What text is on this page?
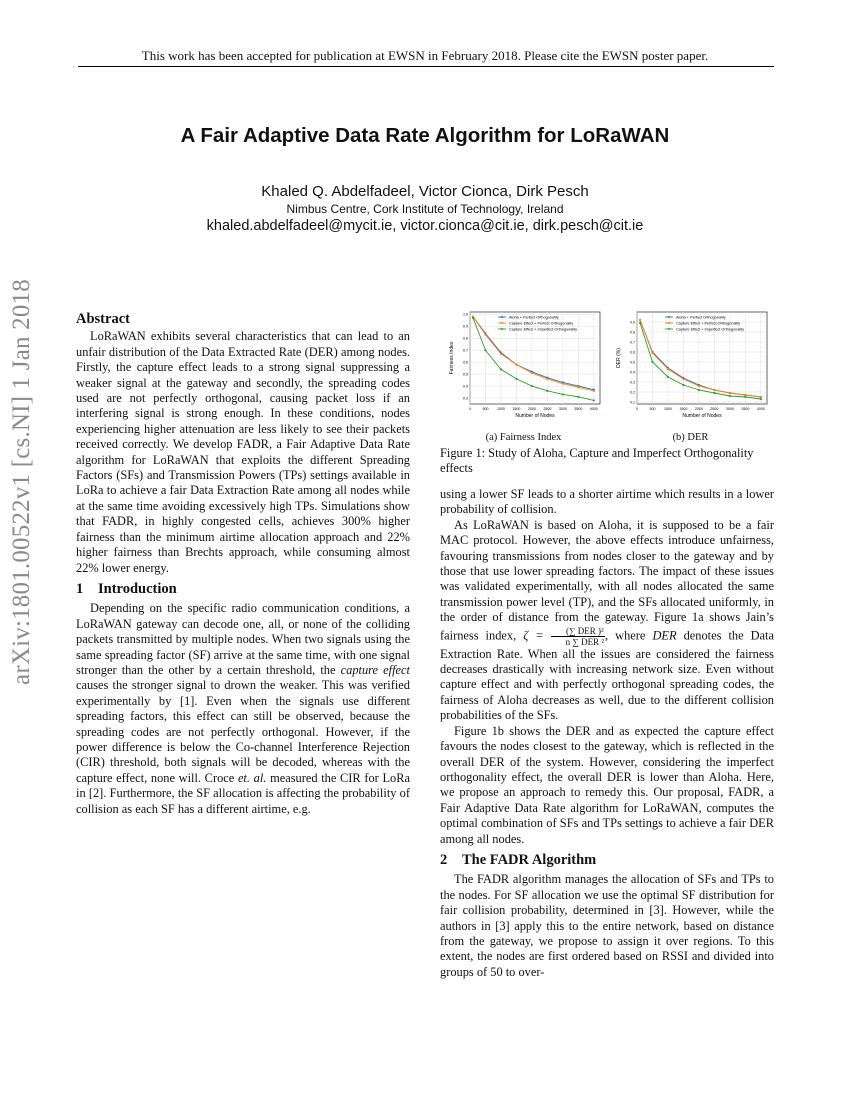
This work has been accepted for publication at EWSN in February 2018. Please cite the EWSN poster paper.
A Fair Adaptive Data Rate Algorithm for LoRaWAN
Khaled Q. Abdelfadeel, Victor Cionca, Dirk Pesch
Nimbus Centre, Cork Institute of Technology, Ireland
khaled.abdelfadeel@mycit.ie, victor.cionca@cit.ie, dirk.pesch@cit.ie
arXiv:1801.00522v1 [cs.NI] 1 Jan 2018	Abstract

LoRaWAN exhibits several characteristics that can lead to an unfair distribution of the Data Extracted Rate (DER) among nodes. Firstly, the capture effect leads to a strong signal suppressing a weaker signal at the gateway and secondly, the spreading codes used are not perfectly orthogonal, causing packet loss if an interfering signal is strong enough. In these conditions, nodes experiencing higher attenuation are less likely to see their packets received correctly. We develop FADR, a Fair Adaptive Data Rate algorithm for LoRaWAN that exploits the different Spreading Factors (SFs) and Transmission Powers (TPs) settings available in LoRa to achieve a fair Data Extraction Rate among all nodes while at the same time avoiding excessively high TPs. Simulations show that FADR, in highly congested cells, achieves 300% higher fairness than the minimum airtime allocation approach and 22% higher fairness than Brechts approach, while consuming almost 22% lower energy.

1 Introduction

Depending on the specific radio communication conditions, a LoRaWAN gateway can decode one, all, or none of the colliding packets transmitted by multiple nodes. When two signals using the same spreading factor (SF) arrive at the same time, with one signal stronger than the other by a certain threshold, the capture effect causes the stronger signal to drown the weaker. This was verified experimentally by [1]. Even when the signals use different spreading factors, this effect can still be observed, because the spreading codes are not perfectly orthogonal. However, if the power difference is below the Co-channel Interference Rejection (CIR) threshold, both signals will be decoded, whereas with the capture effect, none will. Croce et. al. measured the CIR for LoRa in [2]. Furthermore, the SF allocation is affecting the probability of collision as each SF has a different airtime, e.g.

0	500 1000 1500 2000 2500 3000 3500 4000
0.3
0.4
0.5
0.6
0.7
0.8
0.9
1.0
Number of Nodes
Fairness Index
Aloha + Perfect Orthogonality
Capture Effect + Perfect Orthogonality
Capture Effect + Imperfect Orthogonality
0	500 1000 1500 2000 2500 3000 3500 4000
0.1
0.2
0.3
0.4
0.5
0.6
0.7
0.8
0.9
Number of Nodes
DER (%)
Aloha + Perfect Orthogonality
Capture Effect + Perfect Orthogonality
Capture Effect + Imperfect Orthogonality
(a) Fairness Index	(b) DER
Figure 1: Study of Aloha, Capture and Imperfect Orthogonality effects

using a lower SF leads to a shorter airtime which results in a lower probability of collision.

As LoRaWAN is based on Aloha, it is supposed to be a fair MAC protocol. However, the above effects introduce unfairness, favouring transmissions from nodes closer to the gateway and by those that use lower spreading factors. The impact of these issues was validated experimentally, with all nodes allocated the same transmission power level (TP), and the SFs allocated uniformly, in the order of distance from the gateway. Figure 1a shows Jain’s fairness index, $\zeta = \frac{\text{(∑ DER )²}}{\text{n ∑ DER ²}}$ , where DER denotes the Data Extraction Rate. When all the issues are considered the fairness decreases drastically with increasing network size. Even without capture effect and with perfectly orthogonal spreading codes, the fairness of Aloha decreases as well, due to the different collision probabilities of the SFs.

Figure 1b shows the DER and as expected the capture effect favours the nodes closest to the gateway, which is reflected in the overall DER of the system. However, considering the imperfect orthogonality effect, the overall DER is lower than Aloha. Here, we propose an approach to remedy this. Our proposal, FADR, a Fair Adaptive Data Rate algorithm for LoRaWAN, computes the optimal combination of SFs and TPs settings to achieve a fair DER among all nodes.

2 The FADR Algorithm

The FADR algorithm manages the allocation of SFs and TPs to the nodes. For SF allocation we use the optimal SF distribution for fair collision probability, determined in [3]. However, while the authors in [3] apply this to the entire network, based on distance from the gateway, we propose to assign it over regions. To this extent, the nodes are first ordered based on RSSI and divided into groups of 50 to over-
